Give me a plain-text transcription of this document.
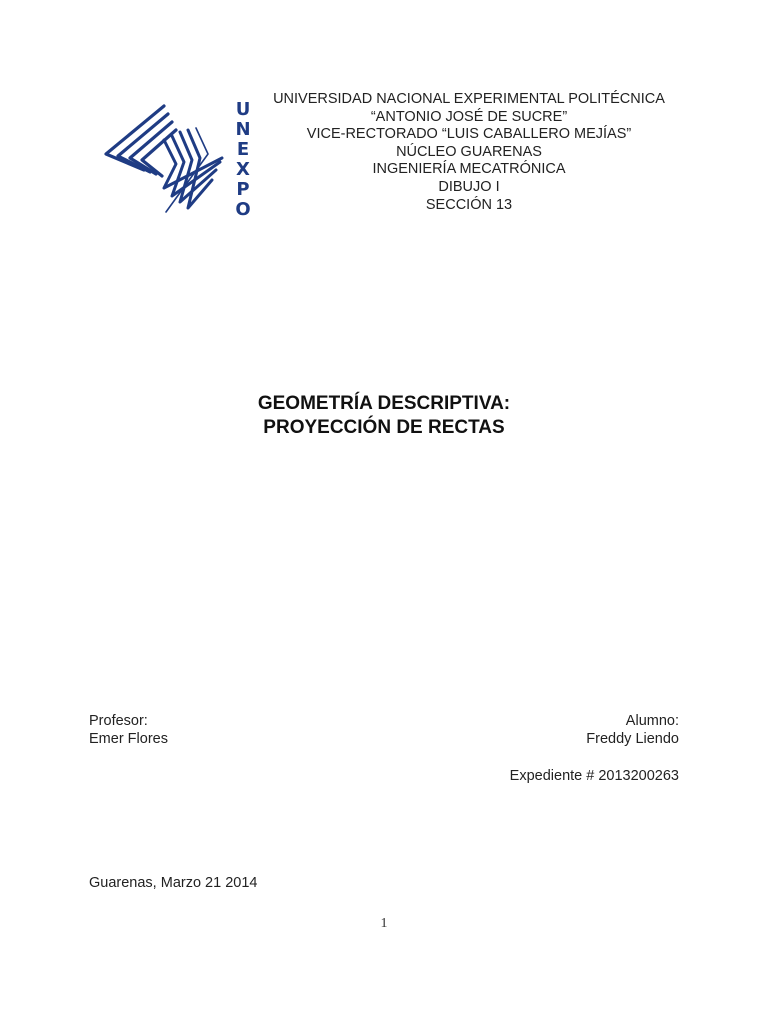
U
N
E
X
P
O
UNIVERSIDAD NACIONAL EXPERIMENTAL POLITÉCNICA
“ANTONIO JOSÉ DE SUCRE”
VICE-RECTORADO “LUIS CABALLERO MEJÍAS”
NÚCLEO GUARENAS
INGENIERÍA MECATRÓNICA
DIBUJO I
SECCIÓN 13
GEOMETRÍA DESCRIPTIVA:
PROYECCIÓN DE RECTAS
Profesor:
Emer Flores
Alumno:
Freddy Liendo
Expediente # 2013200263
Guarenas, Marzo 21 2014
1
